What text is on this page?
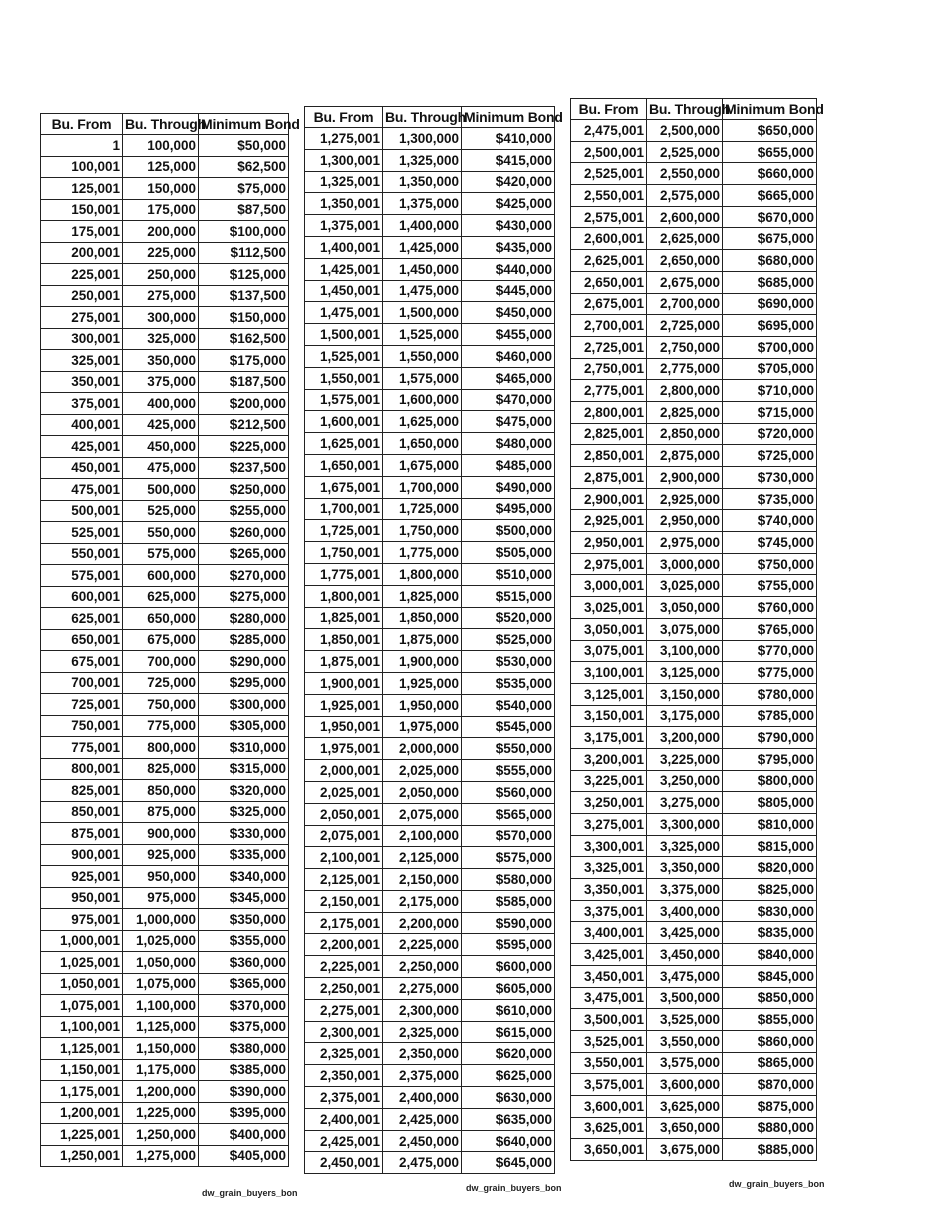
Bu. From	Bu. Through	Minimum Bond
1	100,000	$50,000
100,001	125,000	$62,500
125,001	150,000	$75,000
150,001	175,000	$87,500
175,001	200,000	$100,000
200,001	225,000	$112,500
225,001	250,000	$125,000
250,001	275,000	$137,500
275,001	300,000	$150,000
300,001	325,000	$162,500
325,001	350,000	$175,000
350,001	375,000	$187,500
375,001	400,000	$200,000
400,001	425,000	$212,500
425,001	450,000	$225,000
450,001	475,000	$237,500
475,001	500,000	$250,000
500,001	525,000	$255,000
525,001	550,000	$260,000
550,001	575,000	$265,000
575,001	600,000	$270,000
600,001	625,000	$275,000
625,001	650,000	$280,000
650,001	675,000	$285,000
675,001	700,000	$290,000
700,001	725,000	$295,000
725,001	750,000	$300,000
750,001	775,000	$305,000
775,001	800,000	$310,000
800,001	825,000	$315,000
825,001	850,000	$320,000
850,001	875,000	$325,000
875,001	900,000	$330,000
900,001	925,000	$335,000
925,001	950,000	$340,000
950,001	975,000	$345,000
975,001	1,000,000	$350,000
1,000,001	1,025,000	$355,000
1,025,001	1,050,000	$360,000
1,050,001	1,075,000	$365,000
1,075,001	1,100,000	$370,000
1,100,001	1,125,000	$375,000
1,125,001	1,150,000	$380,000
1,150,001	1,175,000	$385,000
1,175,001	1,200,000	$390,000
1,200,001	1,225,000	$395,000
1,225,001	1,250,000	$400,000
1,250,001	1,275,000	$405,000
Bu. From	Bu. Through	Minimum Bond
1,275,001	1,300,000	$410,000
1,300,001	1,325,000	$415,000
1,325,001	1,350,000	$420,000
1,350,001	1,375,000	$425,000
1,375,001	1,400,000	$430,000
1,400,001	1,425,000	$435,000
1,425,001	1,450,000	$440,000
1,450,001	1,475,000	$445,000
1,475,001	1,500,000	$450,000
1,500,001	1,525,000	$455,000
1,525,001	1,550,000	$460,000
1,550,001	1,575,000	$465,000
1,575,001	1,600,000	$470,000
1,600,001	1,625,000	$475,000
1,625,001	1,650,000	$480,000
1,650,001	1,675,000	$485,000
1,675,001	1,700,000	$490,000
1,700,001	1,725,000	$495,000
1,725,001	1,750,000	$500,000
1,750,001	1,775,000	$505,000
1,775,001	1,800,000	$510,000
1,800,001	1,825,000	$515,000
1,825,001	1,850,000	$520,000
1,850,001	1,875,000	$525,000
1,875,001	1,900,000	$530,000
1,900,001	1,925,000	$535,000
1,925,001	1,950,000	$540,000
1,950,001	1,975,000	$545,000
1,975,001	2,000,000	$550,000
2,000,001	2,025,000	$555,000
2,025,001	2,050,000	$560,000
2,050,001	2,075,000	$565,000
2,075,001	2,100,000	$570,000
2,100,001	2,125,000	$575,000
2,125,001	2,150,000	$580,000
2,150,001	2,175,000	$585,000
2,175,001	2,200,000	$590,000
2,200,001	2,225,000	$595,000
2,225,001	2,250,000	$600,000
2,250,001	2,275,000	$605,000
2,275,001	2,300,000	$610,000
2,300,001	2,325,000	$615,000
2,325,001	2,350,000	$620,000
2,350,001	2,375,000	$625,000
2,375,001	2,400,000	$630,000
2,400,001	2,425,000	$635,000
2,425,001	2,450,000	$640,000
2,450,001	2,475,000	$645,000
Bu. From	Bu. Through	Minimum Bond
2,475,001	2,500,000	$650,000
2,500,001	2,525,000	$655,000
2,525,001	2,550,000	$660,000
2,550,001	2,575,000	$665,000
2,575,001	2,600,000	$670,000
2,600,001	2,625,000	$675,000
2,625,001	2,650,000	$680,000
2,650,001	2,675,000	$685,000
2,675,001	2,700,000	$690,000
2,700,001	2,725,000	$695,000
2,725,001	2,750,000	$700,000
2,750,001	2,775,000	$705,000
2,775,001	2,800,000	$710,000
2,800,001	2,825,000	$715,000
2,825,001	2,850,000	$720,000
2,850,001	2,875,000	$725,000
2,875,001	2,900,000	$730,000
2,900,001	2,925,000	$735,000
2,925,001	2,950,000	$740,000
2,950,001	2,975,000	$745,000
2,975,001	3,000,000	$750,000
3,000,001	3,025,000	$755,000
3,025,001	3,050,000	$760,000
3,050,001	3,075,000	$765,000
3,075,001	3,100,000	$770,000
3,100,001	3,125,000	$775,000
3,125,001	3,150,000	$780,000
3,150,001	3,175,000	$785,000
3,175,001	3,200,000	$790,000
3,200,001	3,225,000	$795,000
3,225,001	3,250,000	$800,000
3,250,001	3,275,000	$805,000
3,275,001	3,300,000	$810,000
3,300,001	3,325,000	$815,000
3,325,001	3,350,000	$820,000
3,350,001	3,375,000	$825,000
3,375,001	3,400,000	$830,000
3,400,001	3,425,000	$835,000
3,425,001	3,450,000	$840,000
3,450,001	3,475,000	$845,000
3,475,001	3,500,000	$850,000
3,500,001	3,525,000	$855,000
3,525,001	3,550,000	$860,000
3,550,001	3,575,000	$865,000
3,575,001	3,600,000	$870,000
3,600,001	3,625,000	$875,000
3,625,001	3,650,000	$880,000
3,650,001	3,675,000	$885,000
dw_grain_buyers_bon	dw_grain_buyers_bon	dw_grain_buyers_bon
